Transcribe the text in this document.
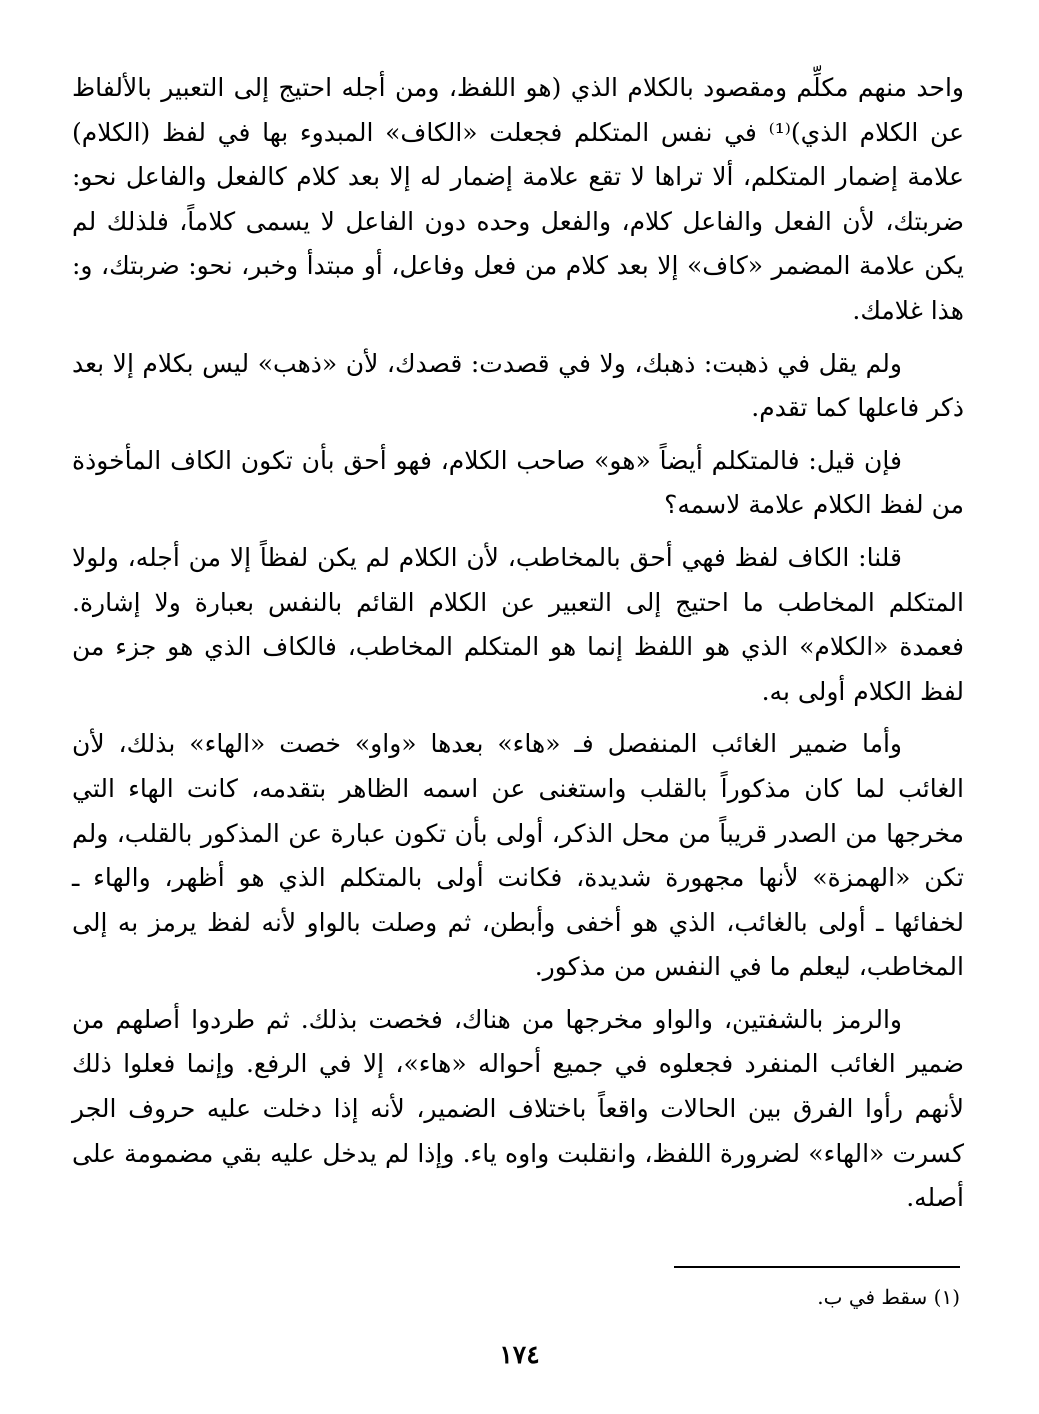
واحد منهم مكلِّم ومقصود بالكلام الذي (هو اللفظ، ومن أجله احتيج إلى التعبير بالألفاظ عن الكلام الذي)⁽¹⁾ في نفس المتكلم فجعلت «الكاف» المبدوء بها في لفظ (الكلام) علامة إضمار المتكلم، ألا تراها لا تقع علامة إضمار له إلا بعد كلام كالفعل والفاعل نحو: ضربتك، لأن الفعل والفاعل كلام، والفعل وحده دون الفاعل لا يسمى كلاماً، فلذلك لم يكن علامة المضمر «كاف» إلا بعد كلام من فعل وفاعل، أو مبتدأ وخبر، نحو: ضربتك، و: هذا غلامك.

ولم يقل في ذهبت: ذهبك، ولا في قصدت: قصدك، لأن «ذهب» ليس بكلام إلا بعد ذكر فاعلها كما تقدم.

فإن قيل: فالمتكلم أيضاً «هو» صاحب الكلام، فهو أحق بأن تكون الكاف المأخوذة من لفظ الكلام علامة لاسمه؟

قلنا: الكاف لفظ فهي أحق بالمخاطب، لأن الكلام لم يكن لفظاً إلا من أجله، ولولا المتكلم المخاطب ما احتيج إلى التعبير عن الكلام القائم بالنفس بعبارة ولا إشارة. فعمدة «الكلام» الذي هو اللفظ إنما هو المتكلم المخاطب، فالكاف الذي هو جزء من لفظ الكلام أولى به.

وأما ضمير الغائب المنفصل فـ «هاء» بعدها «واو» خصت «الهاء» بذلك، لأن الغائب لما كان مذكوراً بالقلب واستغنى عن اسمه الظاهر بتقدمه، كانت الهاء التي مخرجها من الصدر قريباً من محل الذكر، أولى بأن تكون عبارة عن المذكور بالقلب، ولم تكن «الهمزة» لأنها مجهورة شديدة، فكانت أولى بالمتكلم الذي هو أظهر، والهاء ـ لخفائها ـ أولى بالغائب، الذي هو أخفى وأبطن، ثم وصلت بالواو لأنه لفظ يرمز به إلى المخاطب، ليعلم ما في النفس من مذكور.

والرمز بالشفتين، والواو مخرجها من هناك، فخصت بذلك. ثم طردوا أصلهم من ضمير الغائب المنفرد فجعلوه في جميع أحواله «هاء»، إلا في الرفع. وإنما فعلوا ذلك لأنهم رأوا الفرق بين الحالات واقعاً باختلاف الضمير، لأنه إذا دخلت عليه حروف الجر كسرت «الهاء» لضرورة اللفظ، وانقلبت واوه ياء. وإذا لم يدخل عليه بقي مضمومة على أصله.

(١) سقط في ب.
١٧٤
